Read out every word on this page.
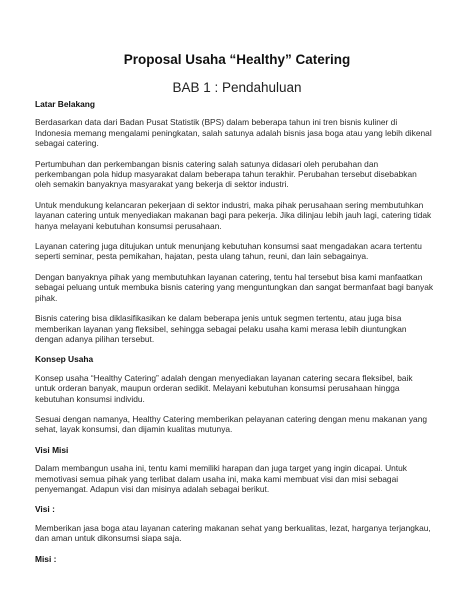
Proposal Usaha “Healthy” Catering
BAB 1 : Pendahuluan
Latar Belakang

Berdasarkan data dari Badan Pusat Statistik (BPS) dalam beberapa tahun ini tren bisnis kuliner di Indonesia memang mengalami peningkatan, salah satunya adalah bisnis jasa boga atau yang lebih dikenal sebagai catering.

Pertumbuhan dan perkembangan bisnis catering salah satunya didasari oleh perubahan dan perkembangan pola hidup masyarakat dalam beberapa tahun terakhir. Perubahan tersebut disebabkan oleh semakin banyaknya masyarakat yang bekerja di sektor industri.

Untuk mendukung kelancaran pekerjaan di sektor industri, maka pihak perusahaan sering membutuhkan layanan catering untuk menyediakan makanan bagi para pekerja. Jika dilinjau lebih jauh lagi, catering tidak hanya melayani kebutuhan konsumsi perusahaan.

Layanan catering juga ditujukan untuk menunjang kebutuhan konsumsi saat mengadakan acara tertentu seperti seminar, pesta pemikahan, hajatan, pesta ulang tahun, reuni, dan lain sebagainya.

Dengan banyaknya pihak yang membutuhkan layanan catering, tentu hal tersebut bisa kami manfaatkan sebagai peluang untuk membuka bisnis catering yang menguntungkan dan sangat bermanfaat bagi banyak pihak.

Bisnis catering bisa diklasifikasikan ke dalam beberapa jenis untuk segmen tertentu, atau juga bisa memberikan layanan yang fleksibel, sehingga sebagai pelaku usaha kami merasa lebih diuntungkan dengan adanya pilihan tersebut.

Konsep Usaha

Konsep usaha “Healthy Catering” adalah dengan menyediakan layanan catering secara fleksibel, baik untuk orderan banyak, maupun orderan sedikit. Melayani kebutuhan konsumsi perusahaan hingga kebutuhan konsumsi individu.

Sesuai dengan namanya, Healthy Catering memberikan pelayanan catering dengan menu makanan yang sehat, layak konsumsi, dan dijamin kualitas mutunya.

Visi Misi

Dalam membangun usaha ini, tentu kami memiliki harapan dan juga target yang ingin dicapai. Untuk memotivasi semua pihak yang terlibat dalam usaha ini, maka kami membuat visi dan misi sebagai penyemangat. Adapun visi dan misinya adalah sebagai berikut.

Visi :

Memberikan jasa boga atau layanan catering makanan sehat yang berkualitas, lezat, harganya terjangkau, dan aman untuk dikonsumsi siapa saja.

Misi :
